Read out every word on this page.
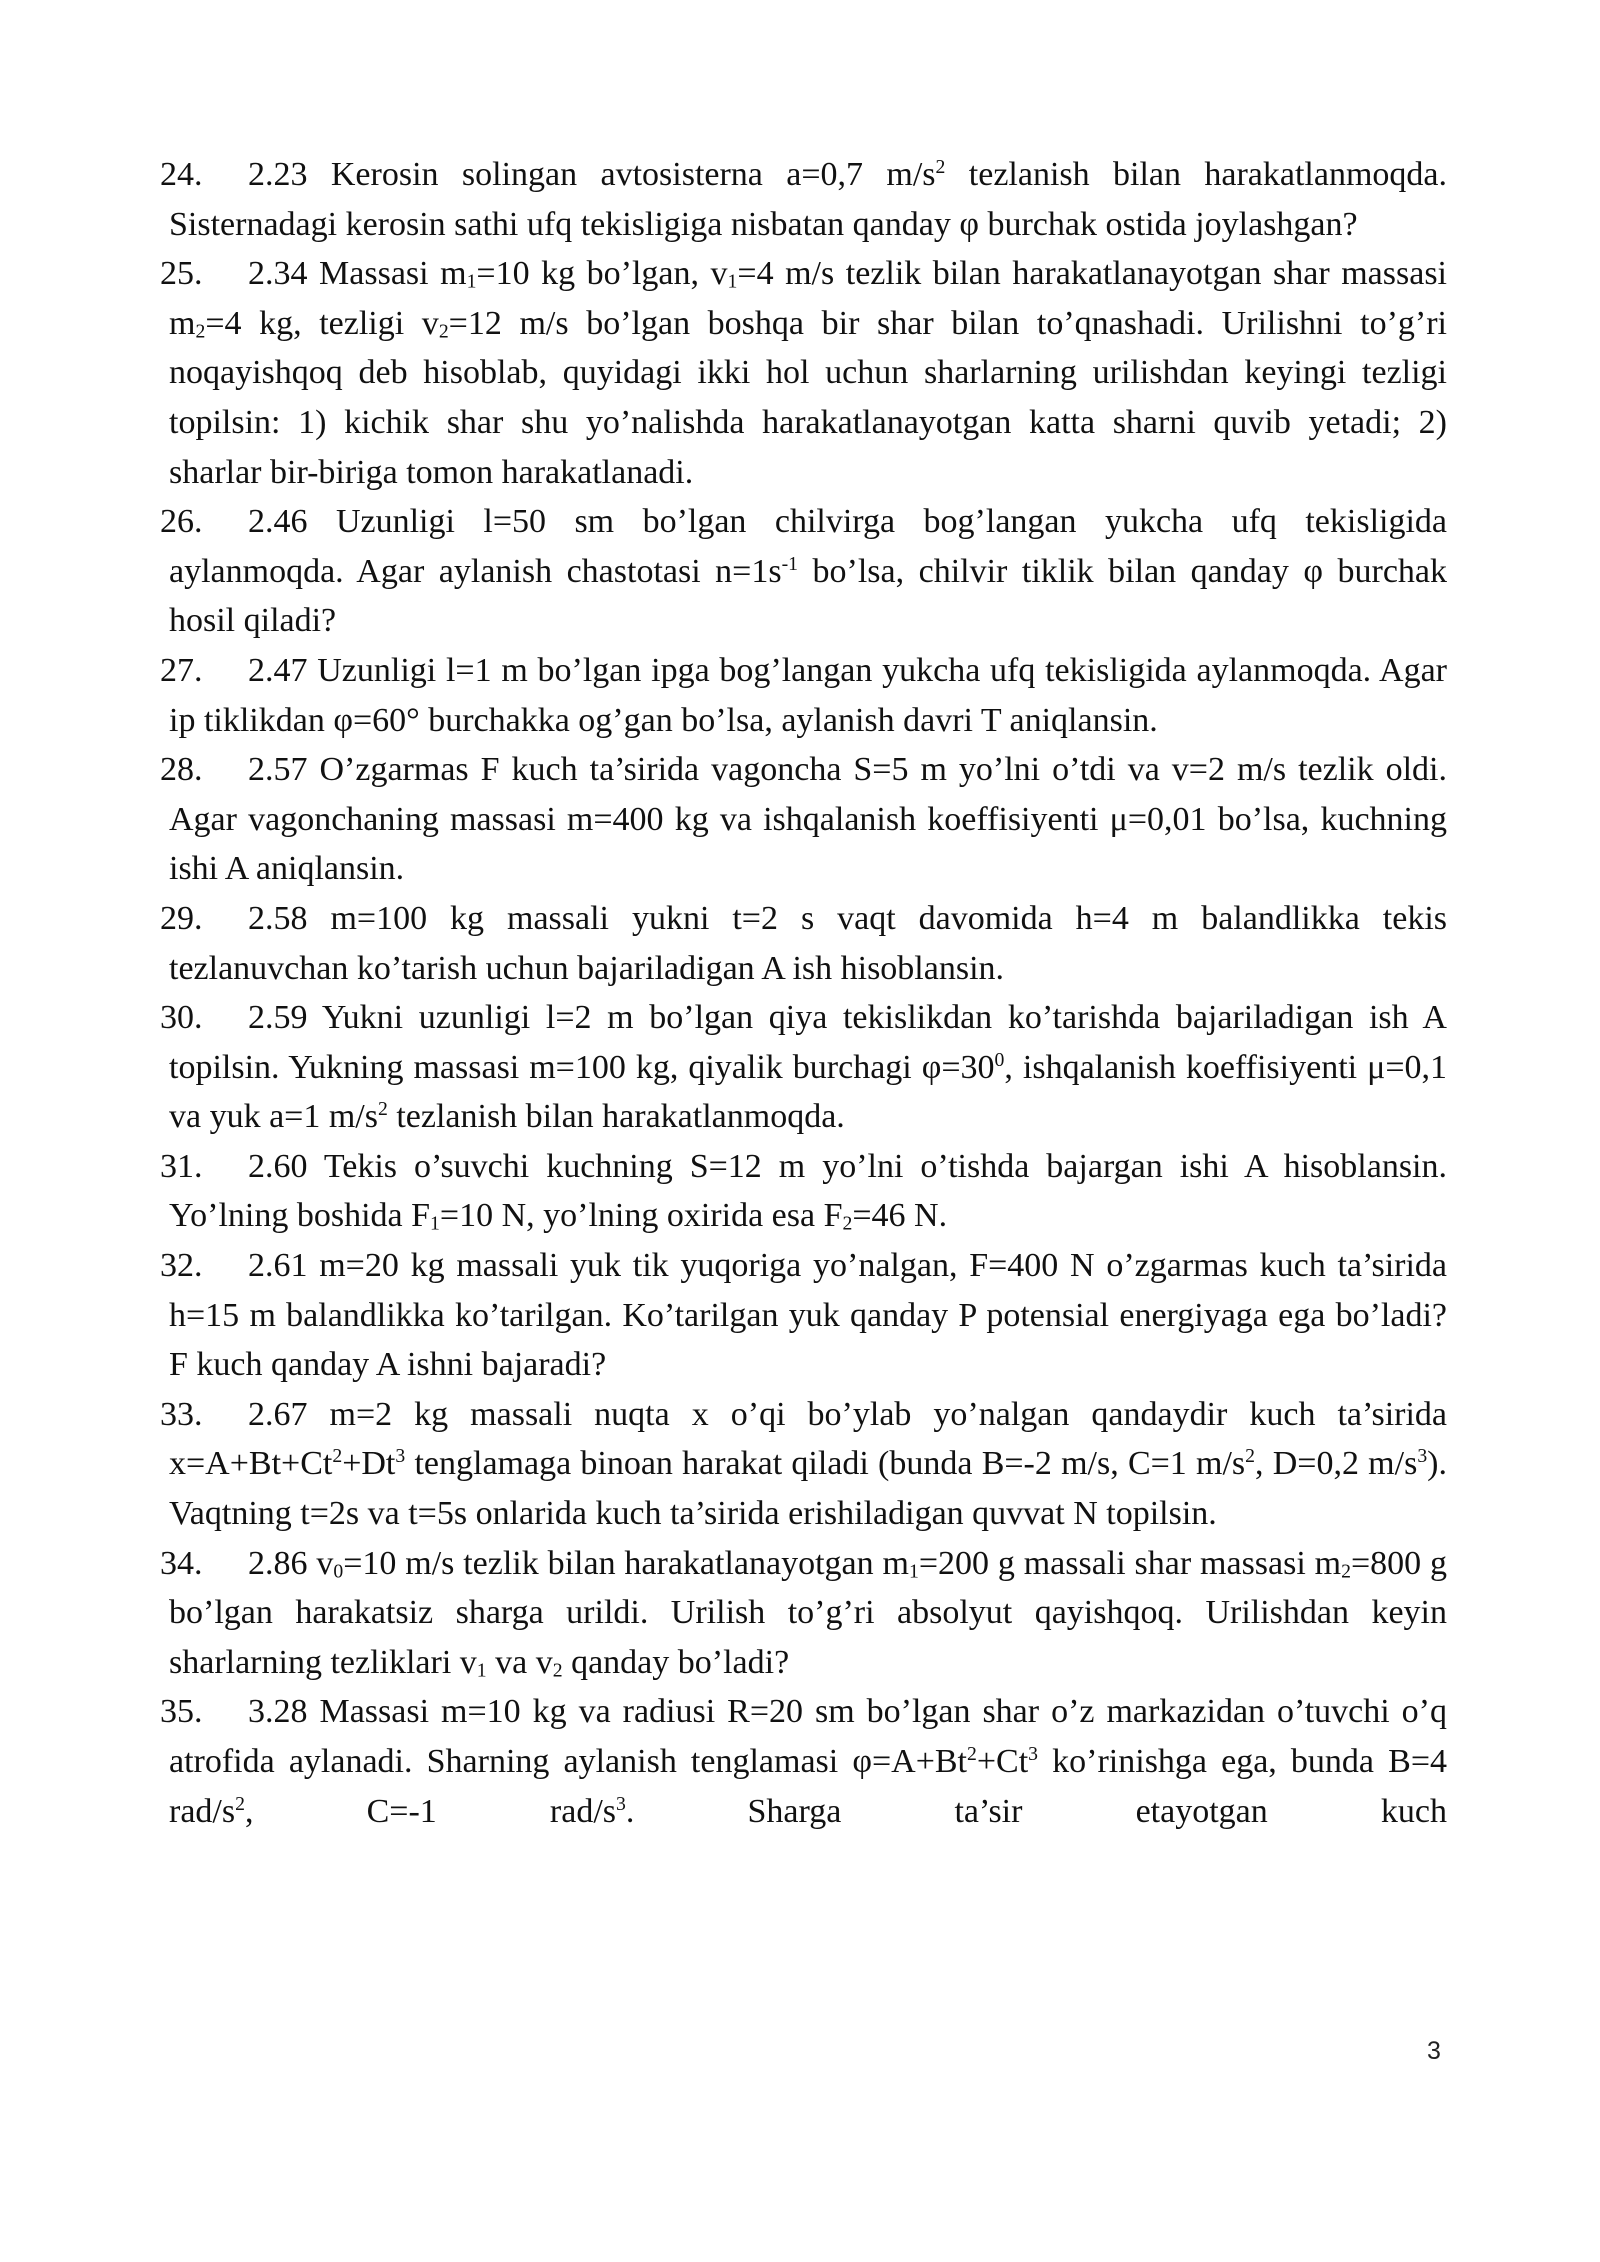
24. 2.23 Kerosin solingan avtosisterna a=0,7 $m/s^2$ tezlanish bilan harakatlanmoqda. Sisternadagi kerosin sathi ufq tekisligiga nisbatan qanday φ burchak ostida joylashgan?

25. 2.34 Massasi $m_1=10$ kg bo’lgan, $v_1=4$ m/s tezlik bilan harakatlanayotgan shar massasi $m_2=4$ kg, tezligi $v_2=12$ m/s bo’lgan boshqa bir shar bilan to’qnashadi. Urilishni to’g’ri noqayishqoq deb hisoblab, quyidagi ikki hol uchun sharlarning urilishdan keyingi tezligi topilsin: 1) kichik shar shu yo’nalishda harakatlanayotgan katta sharni quvib yetadi; 2) sharlar bir-biriga tomon harakatlanadi.

26. 2.46 Uzunligi l=50 sm bo’lgan chilvirga bog’langan yukcha ufq tekisligida aylanmoqda. Agar aylanish chastotasi $n=1s^{-1}$ bo’lsa, chilvir tiklik bilan qanday φ burchak hosil qiladi?

27. 2.47 Uzunligi l=1 m bo’lgan ipga bog’langan yukcha ufq tekisligida aylanmoqda. Agar ip tiklikdan φ=60° burchakka og’gan bo’lsa, aylanish davri T aniqlansin.

28. 2.57 O’zgarmas F kuch ta’sirida vagoncha S=5 m yo’lni o’tdi va v=2 m/s tezlik oldi. Agar vagonchaning massasi m=400 kg va ishqalanish koeffisiyenti μ=0,01 bo’lsa, kuchning ishi A aniqlansin.

29. 2.58 m=100 kg massali yukni t=2 s vaqt davomida h=4 m balandlikka tekis tezlanuvchan ko’tarish uchun bajariladigan A ish hisoblansin.

30. 2.59 Yukni uzunligi l=2 m bo’lgan qiya tekislikdan ko’tarishda bajariladigan ish A topilsin. Yukning massasi m=100 kg, qiyalik burchagi $\varphi=30^0$, ishqalanish koeffisiyenti μ=0,1 va yuk a=1 $m/s^2$ tezlanish bilan harakatlanmoqda.

31. 2.60 Tekis o’suvchi kuchning S=12 m yo’lni o’tishda bajargan ishi A hisoblansin. Yo’lning boshida $F_1=10$ N, yo’lning oxirida esa $F_2=46$ N.

32. 2.61 m=20 kg massali yuk tik yuqoriga yo’nalgan, F=400 N o’zgarmas kuch ta’sirida h=15 m balandlikka ko’tarilgan. Ko’tarilgan yuk qanday P potensial energiyaga ega bo’ladi? F kuch qanday A ishni bajaradi?

33. 2.67 m=2 kg massali nuqta x o’qi bo’ylab yo’nalgan qandaydir kuch ta’sirida $x=A+Bt+Ct^2+Dt^3$ tenglamaga binoan harakat qiladi (bunda B=-2 m/s, C=1 $m/s^2$, D=0,2 $m/s^3$). Vaqtning t=2s va t=5s onlarida kuch ta’sirida erishiladigan quvvat N topilsin.

34. 2.86 $v_0=10$ m/s tezlik bilan harakatlanayotgan $m_1=200$ g massali shar massasi $m_2=800$ g bo’lgan harakatsiz sharga urildi. Urilish to’g’ri absolyut qayishqoq. Urilishdan keyin sharlarning tezliklari $v_1$ va $v_2$ qanday bo’ladi?

35. 3.28 Massasi m=10 kg va radiusi R=20 sm bo’lgan shar o’z markazidan o’tuvchi o’q atrofida aylanadi. Sharning aylanish tenglamasi $\varphi=A+Bt^2+Ct^3$ ko’rinishga ega, bunda B=4 rad/$s^2$, C=-1 rad/$s^3$. Sharga ta’sir etayotgan kuch

3
